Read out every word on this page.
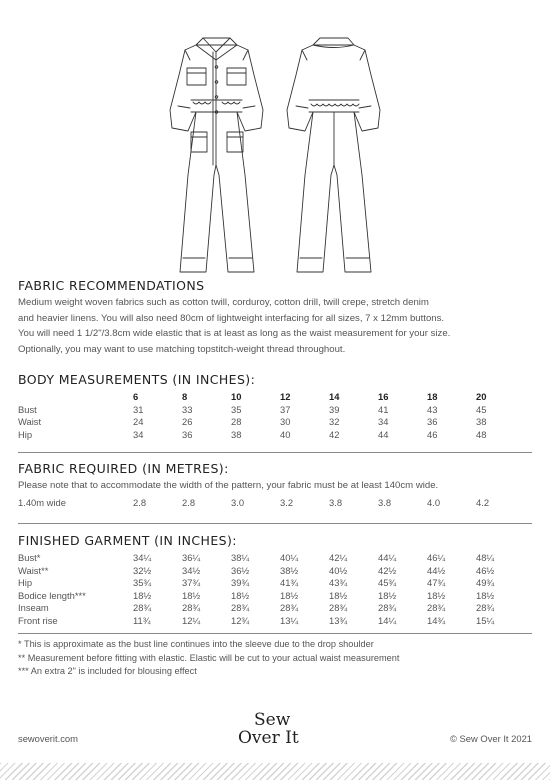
FABRIC RECOMMENDATIONS

Medium weight woven fabrics such as cotton twill, corduroy, cotton drill, twill crepe, stretch denim
and heavier linens. You will also need 80cm of lightweight interfacing for all sizes, 7 x 12mm buttons.
You will need 1 1/2"/3.8cm wide elastic that is at least as long as the waist measurement for your size.
Optionally, you may want to use matching topstitch-weight thread throughout.

BODY MEASUREMENTS (IN INCHES):
	6	8	10	12	14	16	18	20
Bust	31	33	35	37	39	41	43	45
Waist	24	26	28	30	32	34	36	38
Hip	34	36	38	40	42	44	46	48
FABRIC REQUIRED (IN METRES):
Please note that to accommodate the width of the pattern, your fabric must be at least 140cm wide.
1.40m wide	2.8	2.8	3.0	3.2	3.8	3.8	4.0	4.2
FINISHED GARMENT (IN INCHES):
Bust*	34¼	36¼	38¼	40¼	42¼	44¼	46¼	48¼
Waist**	32½	34½	36½	38½	40½	42½	44½	46½
Hip	35¾	37¾	39¾	41¾	43¾	45¾	47¾	49¾
Bodice length***	18½	18½	18½	18½	18½	18½	18½	18½
Inseam	28¾	28¾	28¾	28¾	28¾	28¾	28¾	28¾
Front rise	11¾	12¼	12¾	13¼	13¾	14¼	14¾	15¼
* This is approximate as the bust line continues into the sleeve due to the drop shoulder
** Measurement before fitting with elastic. Elastic will be cut to your actual waist measurement
*** An extra 2" is included for blousing effect
sewoverit.com
Sew
Over It	© Sew Over It 2021
